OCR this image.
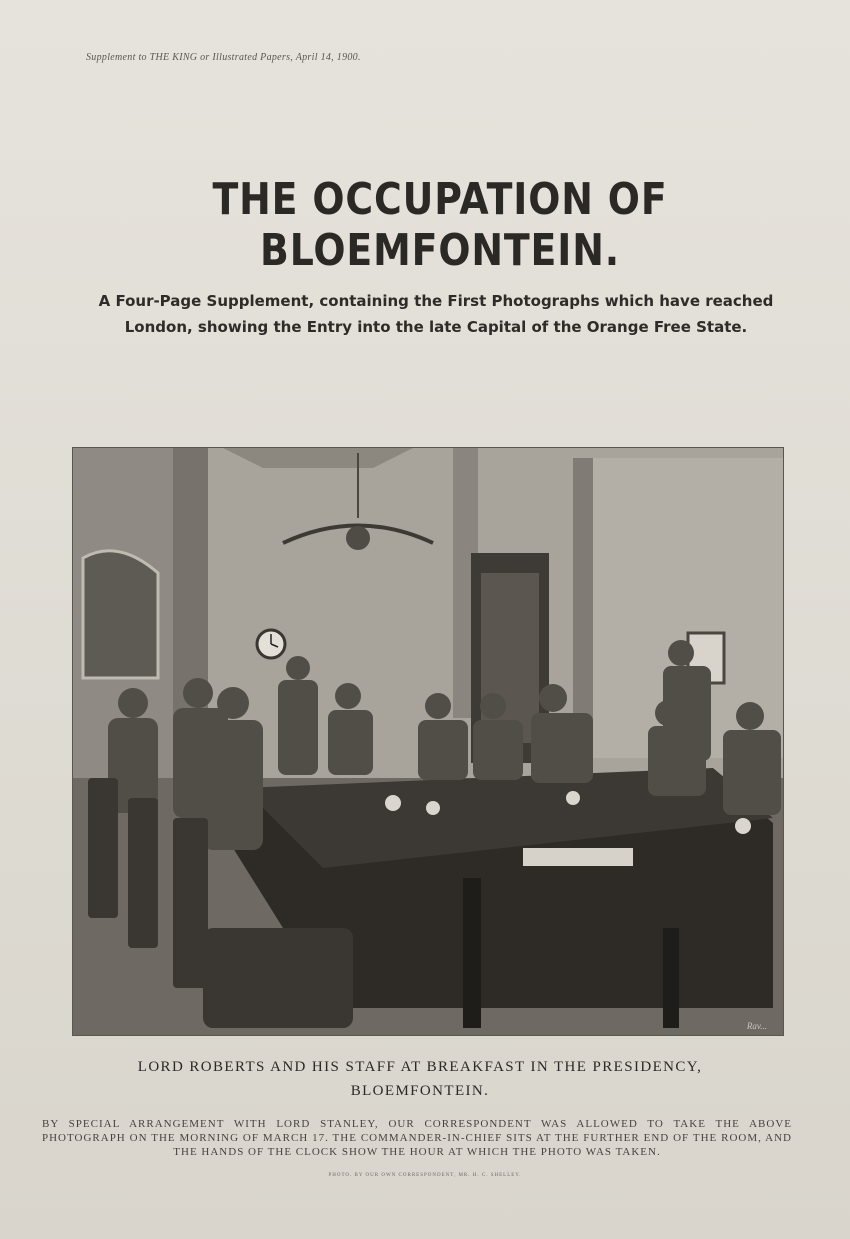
Supplement to THE KING or Illustrated Papers, April 14, 1900.
THE OCCUPATION OF BLOEMFONTEIN.
A Four-Page Supplement, containing the First Photographs which have reached London, showing the Entry into the late Capital of the Orange Free State.
Rav...
LORD ROBERTS AND HIS STAFF AT BREAKFAST IN THE PRESIDENCY,
BLOEMFONTEIN.
BY SPECIAL ARRANGEMENT WITH LORD STANLEY, OUR CORRESPONDENT WAS ALLOWED TO TAKE THE ABOVE PHOTOGRAPH ON THE MORNING OF MARCH 17. THE COMMANDER-IN-CHIEF SITS AT THE FURTHER END OF THE ROOM, AND THE HANDS OF THE CLOCK SHOW THE HOUR AT WHICH THE PHOTO WAS TAKEN.
PHOTO. BY OUR OWN CORRESPONDENT, MR. H. C. SHELLEY.
